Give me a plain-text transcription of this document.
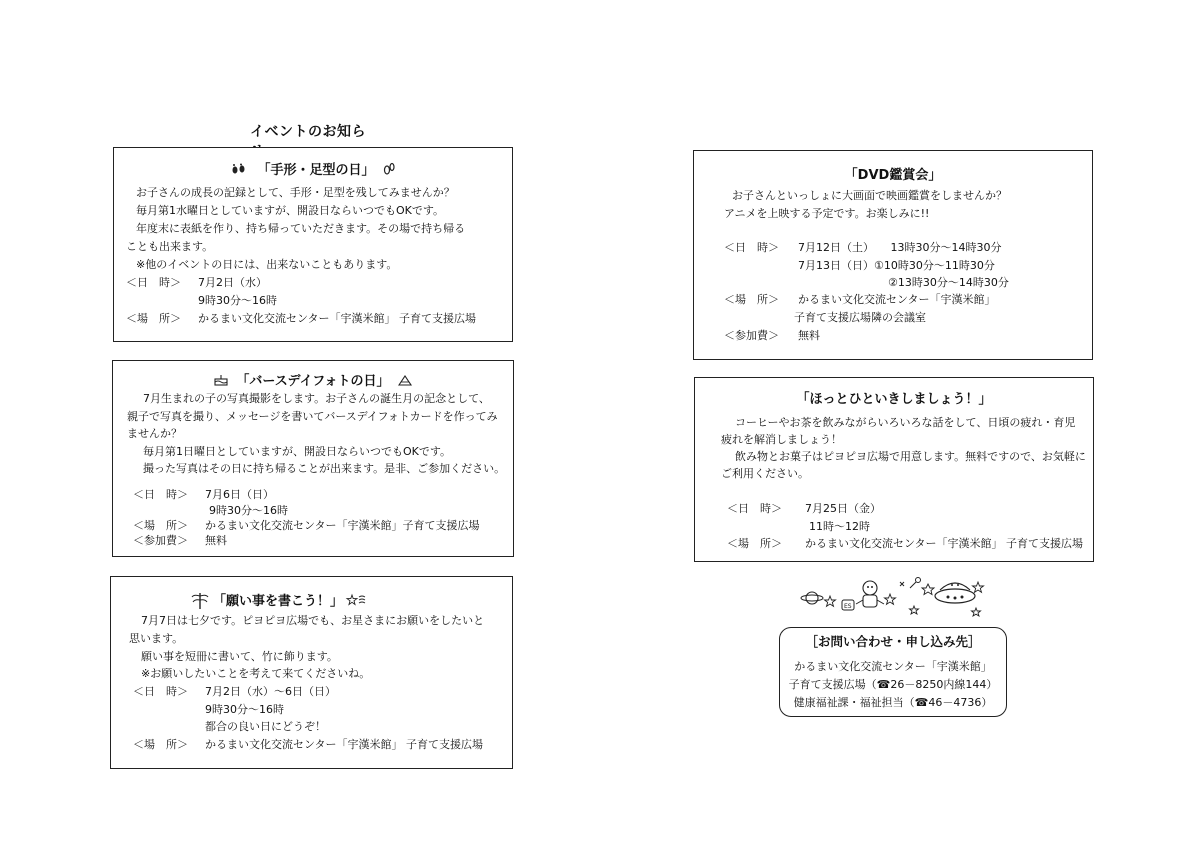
イベントのお知ら
「手形・足型の日」
お子さんの成長の記録として、手形・足型を残してみませんか？
毎月第1水曜日としていますが、開設日ならいつでもOKです。
年度末に表紙を作り、持ち帰っていただきます。その場で持ち帰る
ことも出来ます。
※他のイベントの日には、出来ないこともあります。
＜日　時＞ 7月2日（水）
9時30分～16時
＜場　所＞ かるまい文化交流センター「宇漢米館」 子育て支援広場
「バースデイフォトの日」
7月生まれの子の写真撮影をします。お子さんの誕生月の記念として、
親子で写真を撮り、メッセージを書いてバースデイフォトカードを作ってみ
ませんか？
毎月第1日曜日としていますが、開設日ならいつでもOKです。
撮った写真はその日に持ち帰ることが出来ます。是非、ご参加ください。
＜日　時＞ 7月6日（日）
9時30分～16時
＜場　所＞ かるまい文化交流センター「宇漢米館」子育て支援広場
＜参加費＞ 無料
「願い事を書こう！」
7月7日は七夕です。ピヨピヨ広場でも、お星さまにお願いをしたいと
思います。
願い事を短冊に書いて、竹に飾ります。
※お願いしたいことを考えて来てくださいね。
＜日　時＞ 7月2日（水）～6日（日）
9時30分～16時
都合の良い日にどうぞ！
＜場　所＞ かるまい文化交流センター「宇漢米館」 子育て支援広場
「DVD鑑賞会」
お子さんといっしょに大画面で映画鑑賞をしませんか？
アニメを上映する予定です。お楽しみに!!
＜日　時＞ 7月12日（土）　　13時30分～14時30分
7月13日（日）①10時30分～11時30分
②13時30分～14時30分
＜場　所＞ かるまい文化交流センター「宇漢米館」
子育て支援広場隣の会議室
＜参加費＞ 無料
「ほっとひといきしましょう！」
コーヒーやお茶を飲みながらいろいろな話をして、日頃の疲れ・育児
疲れを解消しましょう！
飲み物とお菓子はピヨピヨ広場で用意します。無料ですので、お気軽に
ご利用ください。
＜日　時＞ 7月25日（金）
11時～12時
＜場　所＞ かるまい文化交流センター「宇漢米館」 子育て支援広場
ES
［お問い合わせ・申し込み先］
かるまい文化交流センター「宇漢米館」
子育て支援広場（☎26－8250内線144）
健康福祉課・福祉担当（☎46－4736）
